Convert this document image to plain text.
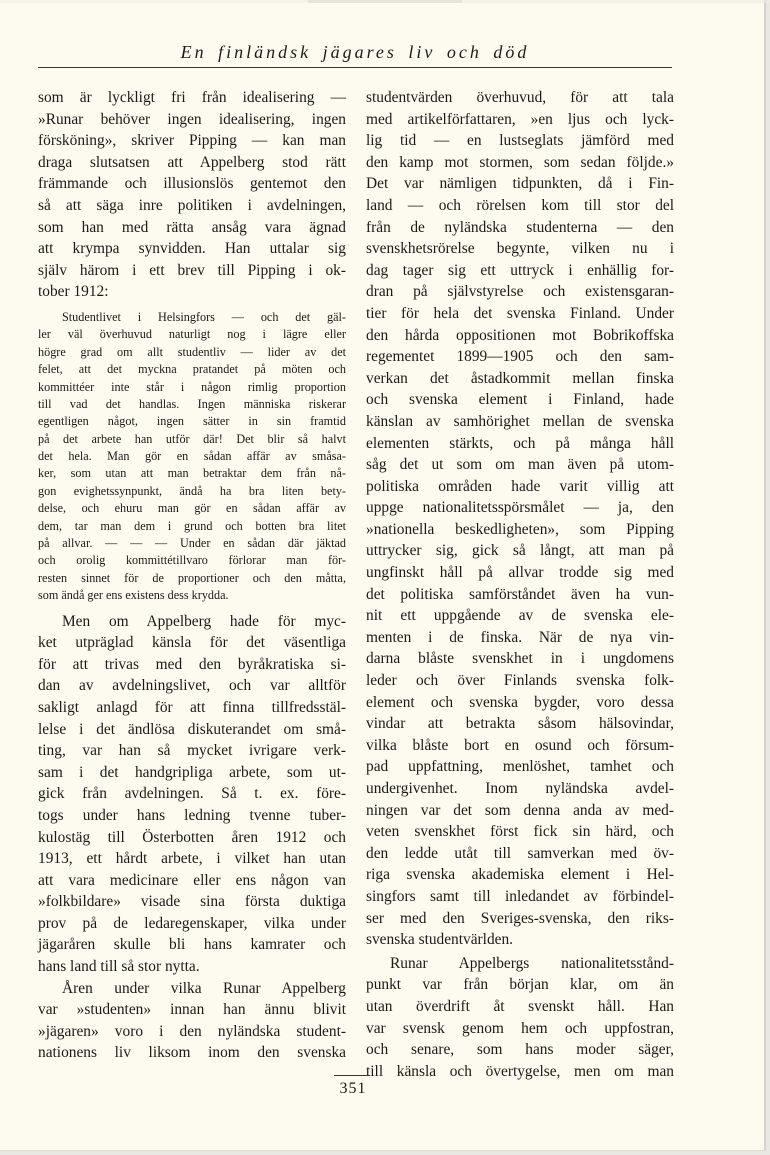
En finländsk jägares liv och död
som är lyckligt fri från idealisering —
»Runar behöver ingen idealisering, ingen
försköning», skriver Pipping — kan man
draga slutsatsen att Appelberg stod rätt
främmande och illusionslös gentemot den
så att säga inre politiken i avdelningen,
som han med rätta ansåg vara ägnad
att krympa synvidden. Han uttalar sig
själv härom i ett brev till Pipping i ok-
tober 1912:
Studentlivet i Helsingfors — och det gäl-
ler väl överhuvud naturligt nog i lägre eller
högre grad om allt studentliv — lider av det
felet, att det myckna pratandet på möten och
kommittéer inte står i någon rimlig proportion
till vad det handlas. Ingen människa riskerar
egentligen något, ingen sätter in sin framtid
på det arbete han utför där! Det blir så halvt
det hela. Man gör en sådan affär av småsa-
ker, som utan att man betraktar dem från nå-
gon evighetssynpunkt, ändå ha bra liten bety-
delse, och ehuru man gör en sådan affär av
dem, tar man dem i grund och botten bra litet
på allvar. — — — Under en sådan där jäktad
och orolig kommittétillvaro förlorar man för-
resten sinnet för de proportioner och den måtta,
som ändå ger ens existens dess krydda.
Men om Appelberg hade för myc-
ket utpräglad känsla för det väsentliga
för att trivas med den byråkratiska si-
dan av avdelningslivet, och var alltför
sakligt anlagd för att finna tillfredsstäl-
lelse i det ändlösa diskuterandet om små-
ting, var han så mycket ivrigare verk-
sam i det handgripliga arbete, som ut-
gick från avdelningen. Så t. ex. före-
togs under hans ledning tvenne tuber-
kulostäg till Österbotten åren 1912 och
1913, ett hårdt arbete, i vilket han utan
att vara medicinare eller ens någon van
»folkbildare» visade sina första duktiga
prov på de ledaregenskaper, vilka under
jägaråren skulle bli hans kamrater och
hans land till så stor nytta.
Åren under vilka Runar Appelberg
var »studenten» innan han ännu blivit
»jägaren» voro i den nyländska student-
nationens liv liksom inom den svenska
studentvärden överhuvud, för att tala
med artikelförfattaren, »en ljus och lyck-
lig tid — en lustseglats jämförd med
den kamp mot stormen, som sedan följde.»
Det var nämligen tidpunkten, då i Fin-
land — och rörelsen kom till stor del
från de nyländska studenterna — den
svenskhetsrörelse begynte, vilken nu i
dag tager sig ett uttryck i enhällig for-
dran på självstyrelse och existensgaran-
tier för hela det svenska Finland. Under
den hårda oppositionen mot Bobrikoffska
regementet 1899—1905 och den sam-
verkan det åstadkommit mellan finska
och svenska element i Finland, hade
känslan av samhörighet mellan de svenska
elementen stärkts, och på många håll
såg det ut som om man även på utom-
politiska områden hade varit villig att
uppge nationalitetsspörsmålet — ja, den
»nationella beskedligheten», som Pipping
uttrycker sig, gick så långt, att man på
ungfinskt håll på allvar trodde sig med
det politiska samförståndet även ha vun-
nit ett uppgående av de svenska ele-
menten i de finska. När de nya vin-
darna blåste svenskhet in i ungdomens
leder och över Finlands svenska folk-
element och svenska bygder, voro dessa
vindar att betrakta såsom hälsovindar,
vilka blåste bort en osund och försum-
pad uppfattning, menlöshet, tamhet och
undergivenhet. Inom nyländska avdel-
ningen var det som denna anda av med-
veten svenskhet först fick sin härd, och
den ledde utåt till samverkan med öv-
riga svenska akademiska element i Hel-
singfors samt till inledandet av förbindel-
ser med den Sveriges-svenska, den riks-
svenska studentvärlden.
Runar Appelbergs nationalitetsstånd-
punkt var från början klar, om än
utan överdrift åt svenskt håll. Han
var svensk genom hem och uppfostran,
och senare, som hans moder säger,
till känsla och övertygelse, men om man
351
